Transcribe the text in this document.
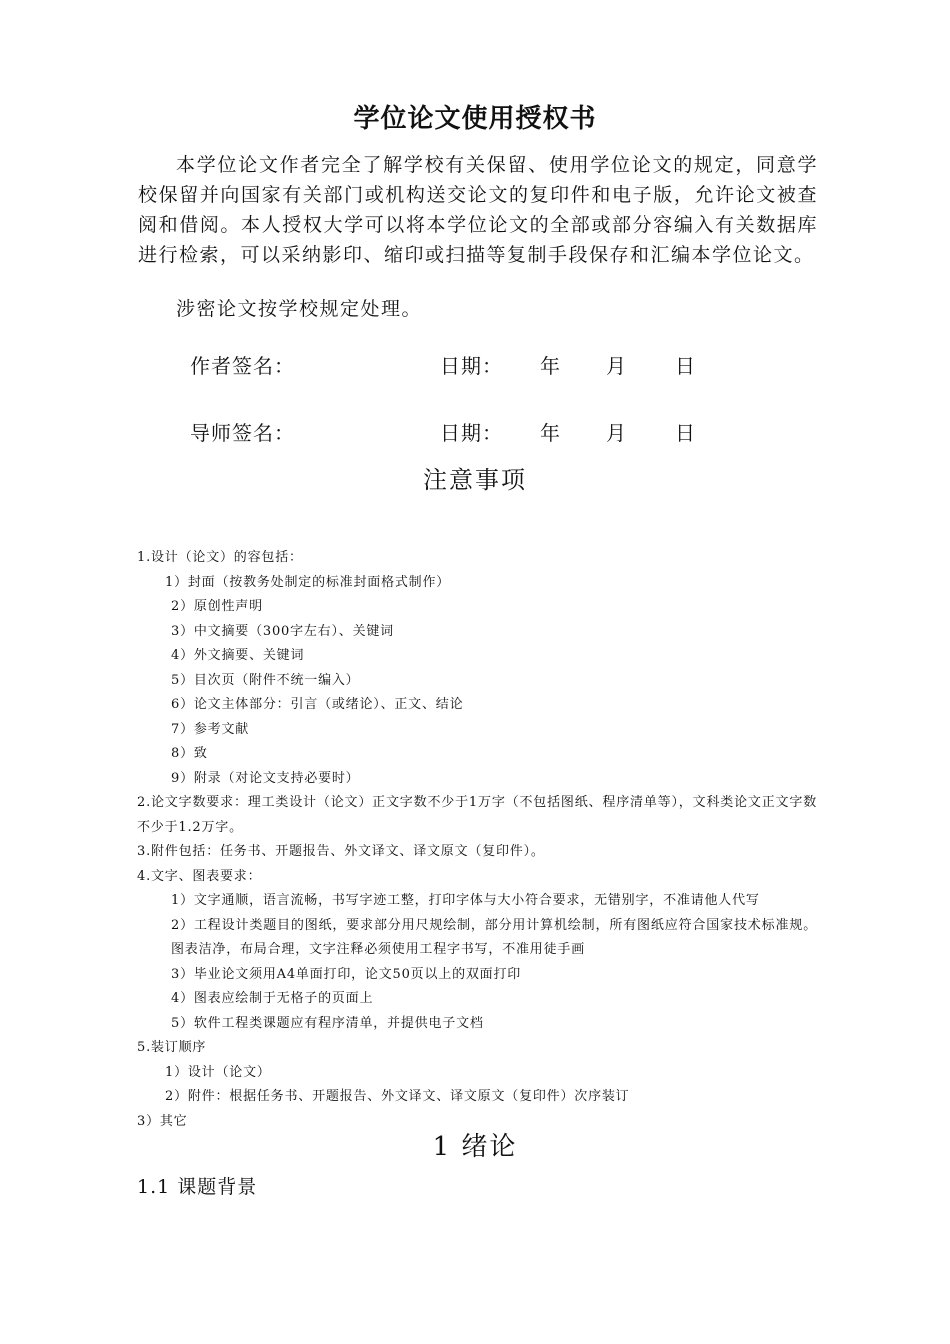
学位论文使用授权书
本学位论文作者完全了解学校有关保留、使用学位论文的规定，同意学校保留并向国家有关部门或机构送交论文的复印件和电子版，允许论文被查阅和借阅。本人授权大学可以将本学位论文的全部或部分容编入有关数据库进行检索，可以采纳影印、缩印或扫描等复制手段保存和汇编本学位论文。
涉密论文按学校规定处理。
作者签名：	日期： 年 月 日
导师签名：	日期： 年 月 日
注意事项
1.设计（论文）的容包括：
1）封面（按教务处制定的标准封面格式制作）
2）原创性声明
3）中文摘要（300字左右）、关键词
4）外文摘要、关键词
5）目次页（附件不统一编入）
6）论文主体部分：引言（或绪论）、正文、结论
7）参考文献
8）致
9）附录（对论文支持必要时）
2.论文字数要求：理工类设计（论文）正文字数不少于1万字（不包括图纸、程序清单等），文科类论文正文字数不少于1.2万字。
3.附件包括：任务书、开题报告、外文译文、译文原文（复印件）。
4.文字、图表要求：
1）文字通顺，语言流畅，书写字迹工整，打印字体与大小符合要求，无错别字，不准请他人代写
2）工程设计类题目的图纸，要求部分用尺规绘制，部分用计算机绘制，所有图纸应符合国家技术标准规。图表洁净，布局合理，文字注释必须使用工程字书写，不准用徒手画
3）毕业论文须用A4单面打印，论文50页以上的双面打印
4）图表应绘制于无格子的页面上
5）软件工程类课题应有程序清单，并提供电子文档
5.装订顺序
1）设计（论文）
2）附件：根据任务书、开题报告、外文译文、译文原文（复印件）次序装订
3）其它
1 绪论
1.1 课题背景
